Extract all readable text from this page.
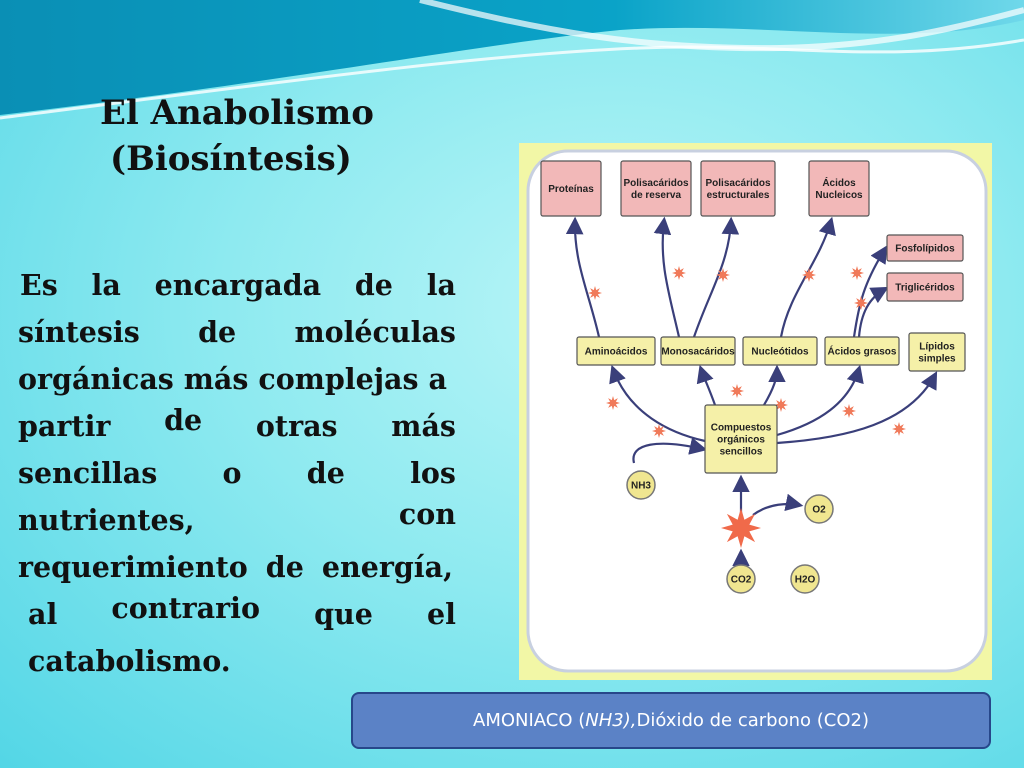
El Anabolismo
(Biosíntesis)
Es la encargada de la
síntesis de moléculas
orgánicas más complejas a
partir de otras más
sencillas o de los
nutrientes,	con
requerimiento de energía,
al contrario que el
catabolismo.
Proteínas
Polisacáridos
de reserva
Polisacáridos
estructurales
Ácidos
Nucleicos
Fosfolípidos
Triglicéridos
Aminoácidos Monosacáridos Nucleótidos Ácidos grasos Lípidos
simples
Compuestos
orgánicos
sencillos
NH3
O2
CO2	H2O
AMONIACO ( NH3), Dióxido de carbono (CO2)
